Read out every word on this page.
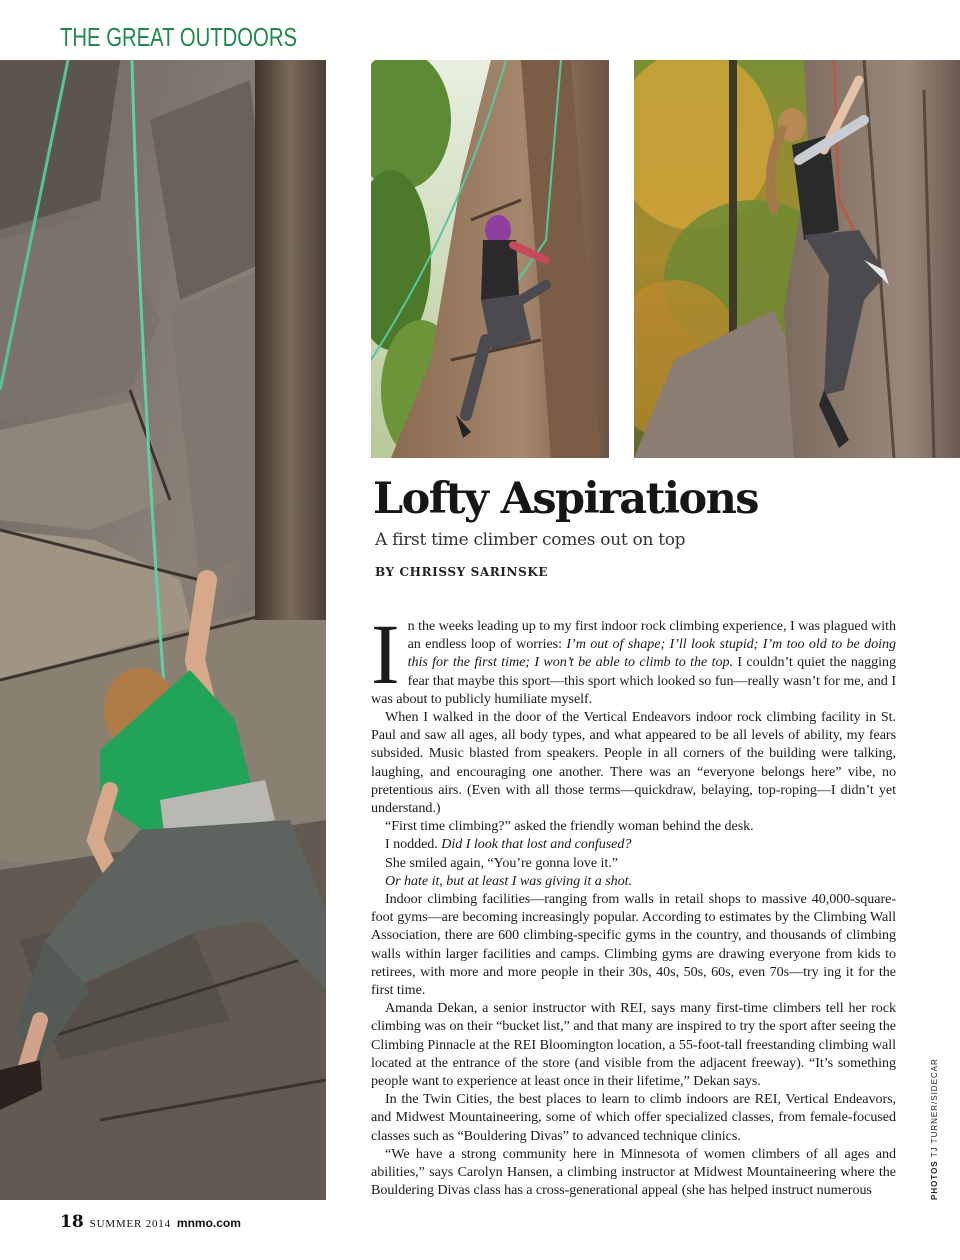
THE GREAT OUTDOORS
Lofty Aspirations

A first time climber comes out on top

BY CHRISSY SARINSKE

In the weeks leading up to my first indoor rock climbing experience, I was plagued with an endless loop of worries: I’m out of shape; I’ll look stupid; I’m too old to be doing this for the first time; I won’t be able to climb to the top. I couldn’t quiet the nagging fear that maybe this sport—this sport which looked so fun—really wasn’t for me, and I was about to publicly humiliate myself.

When I walked in the door of the Vertical Endeavors indoor rock climbing facility in St. Paul and saw all ages, all body types, and what appeared to be all levels of ability, my fears subsided. Music blasted from speakers. People in all corners of the building were talking, laughing, and encouraging one another. There was an “everyone belongs here” vibe, no pretentious airs. (Even with all those terms—quickdraw, belaying, top-roping—I didn’t yet understand.)

“First time climbing?” asked the friendly woman behind the desk.

I nodded. Did I look that lost and confused?

She smiled again, “You’re gonna love it.”

Or hate it, but at least I was giving it a shot.

Indoor climbing facilities—ranging from walls in retail shops to massive 40,000-square-foot gyms—are becoming increasingly popular. According to estimates by the Climbing Wall Association, there are 600 climbing-specific gyms in the country, and thousands of climbing walls within larger facilities and camps. Climbing gyms are drawing everyone from kids to retirees, with more and more people in their 30s, 40s, 50s, 60s, even 70s—try ing it for the first time.

Amanda Dekan, a senior instructor with REI, says many first-time climbers tell her rock climbing was on their “bucket list,” and that many are inspired to try the sport after seeing the Climbing Pinnacle at the REI Bloomington location, a 55-foot-tall freestanding climbing wall located at the entrance of the store (and visible from the adjacent freeway). “It’s something people want to experience at least once in their lifetime,” Dekan says.

In the Twin Cities, the best places to learn to climb indoors are REI, Vertical Endeavors, and Midwest Mountaineering, some of which offer specialized classes, from female-focused classes such as “Bouldering Divas” to advanced technique clinics.

“We have a strong community here in Minnesota of women climbers of all ages and abilities,” says Carolyn Hansen, a climbing instructor at Midwest Mountaineering where the Bouldering Divas class has a cross-generational appeal (she has helped instruct numerous	PHOTOS TJ TURNER/SIDECAR
18 SUMMER 2014 mnmo.com
